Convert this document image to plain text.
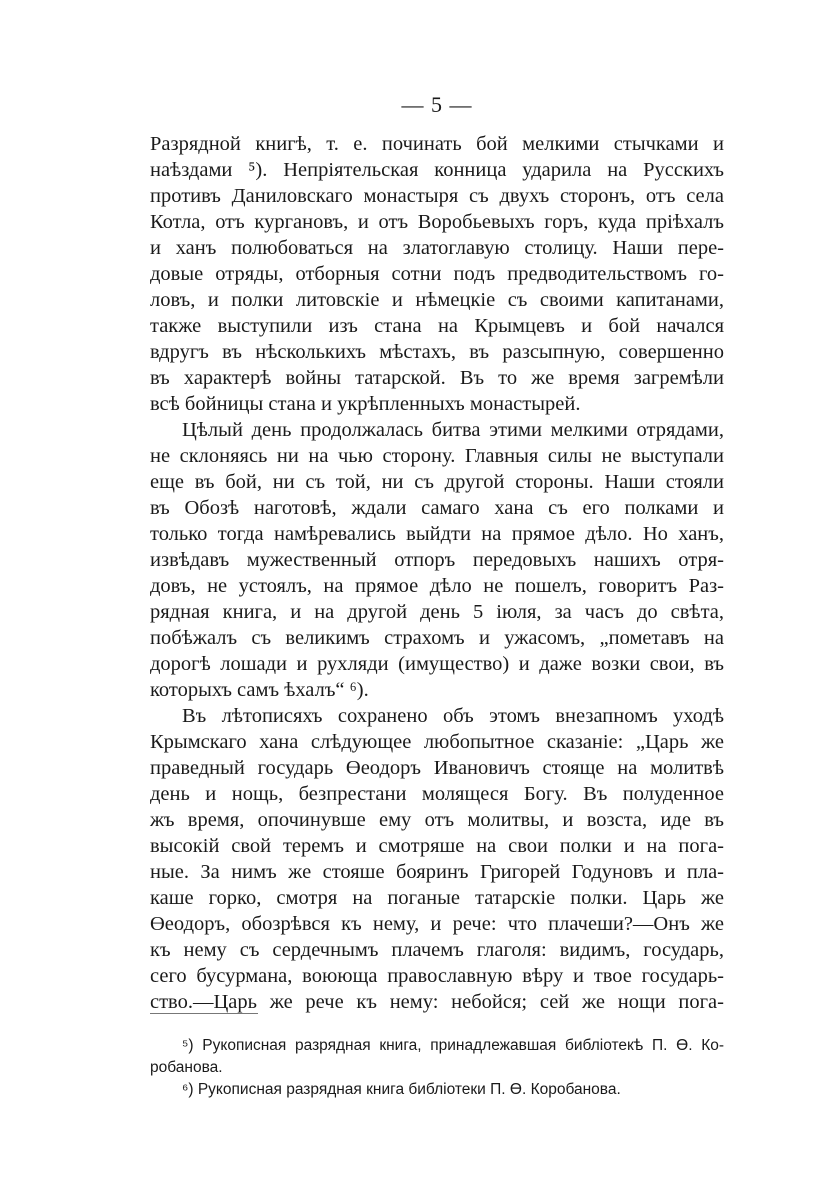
— 5 —
Разрядной книгѣ, т. е. починать бой мелкими стычками и
наѣздами ⁵). Непріятельская конница ударила на Русскихъ
противъ Даниловскаго монастыря съ двухъ сторонъ, отъ села
Котла, отъ кургановъ, и отъ Воробьевыхъ горъ, куда пріѣхалъ
и ханъ полюбоваться на златоглавую столицу. Наши пере-
довые отряды, отборныя сотни подъ предводительствомъ го-
ловъ, и полки литовскіе и нѣмецкіе съ своими капитанами,
также выступили изъ стана на Крымцевъ и бой начался
вдругъ въ нѣсколькихъ мѣстахъ, въ разсыпную, совершенно
въ характерѣ войны татарской. Въ то же время загремѣли
всѣ бойницы стана и укрѣпленныхъ монастырей.
Цѣлый день продолжалась битва этими мелкими отрядами,
не склоняясь ни на чью сторону. Главныя силы не выступали
еще въ бой, ни съ той, ни съ другой стороны. Наши стояли
въ Обозѣ наготовѣ, ждали самаго хана съ его полками и
только тогда намѣревались выйдти на прямое дѣло. Но ханъ,
извѣдавъ мужественный отпоръ передовыхъ нашихъ отря-
довъ, не устоялъ, на прямое дѣло не пошелъ, говоритъ Раз-
рядная книга, и на другой день 5 іюля, за часъ до свѣта,
побѣжалъ съ великимъ страхомъ и ужасомъ, „пометавъ на
дорогѣ лошади и рухляди (имущество) и даже возки свои, въ
которыхъ самъ ѣхалъ“ ⁶).
Въ лѣтописяхъ сохранено объ этомъ внезапномъ уходѣ
Крымскаго хана слѣдующее любопытное сказаніе: „Царь же
праведный государь Өеодоръ Ивановичъ стояще на молитвѣ
день и нощь, безпрестани молящеся Богу. Въ полуденное
жъ время, опочинувше ему отъ молитвы, и возста, иде въ
высокій свой теремъ и смотряше на свои полки и на пога-
ные. За нимъ же стояше бояринъ Григорей Годуновъ и пла-
каше горко, смотря на поганые татарскіе полки. Царь же
Өеодоръ, обозрѣвся къ нему, и рече: что плачеши?—Онъ же
къ нему съ сердечнымъ плачемъ глаголя: видимъ, государь,
сего бусурмана, воюющa православную вѣру и твое государь-
ство.—Царь же рече къ нему: небойся; сей же нощи пога-
⁵) Рукописная разрядная книга, принадлежавшая библіотекѣ П. Ө. Ко-
робанова.
⁶) Рукописная разрядная книга библіотеки П. Ө. Коробанова.
